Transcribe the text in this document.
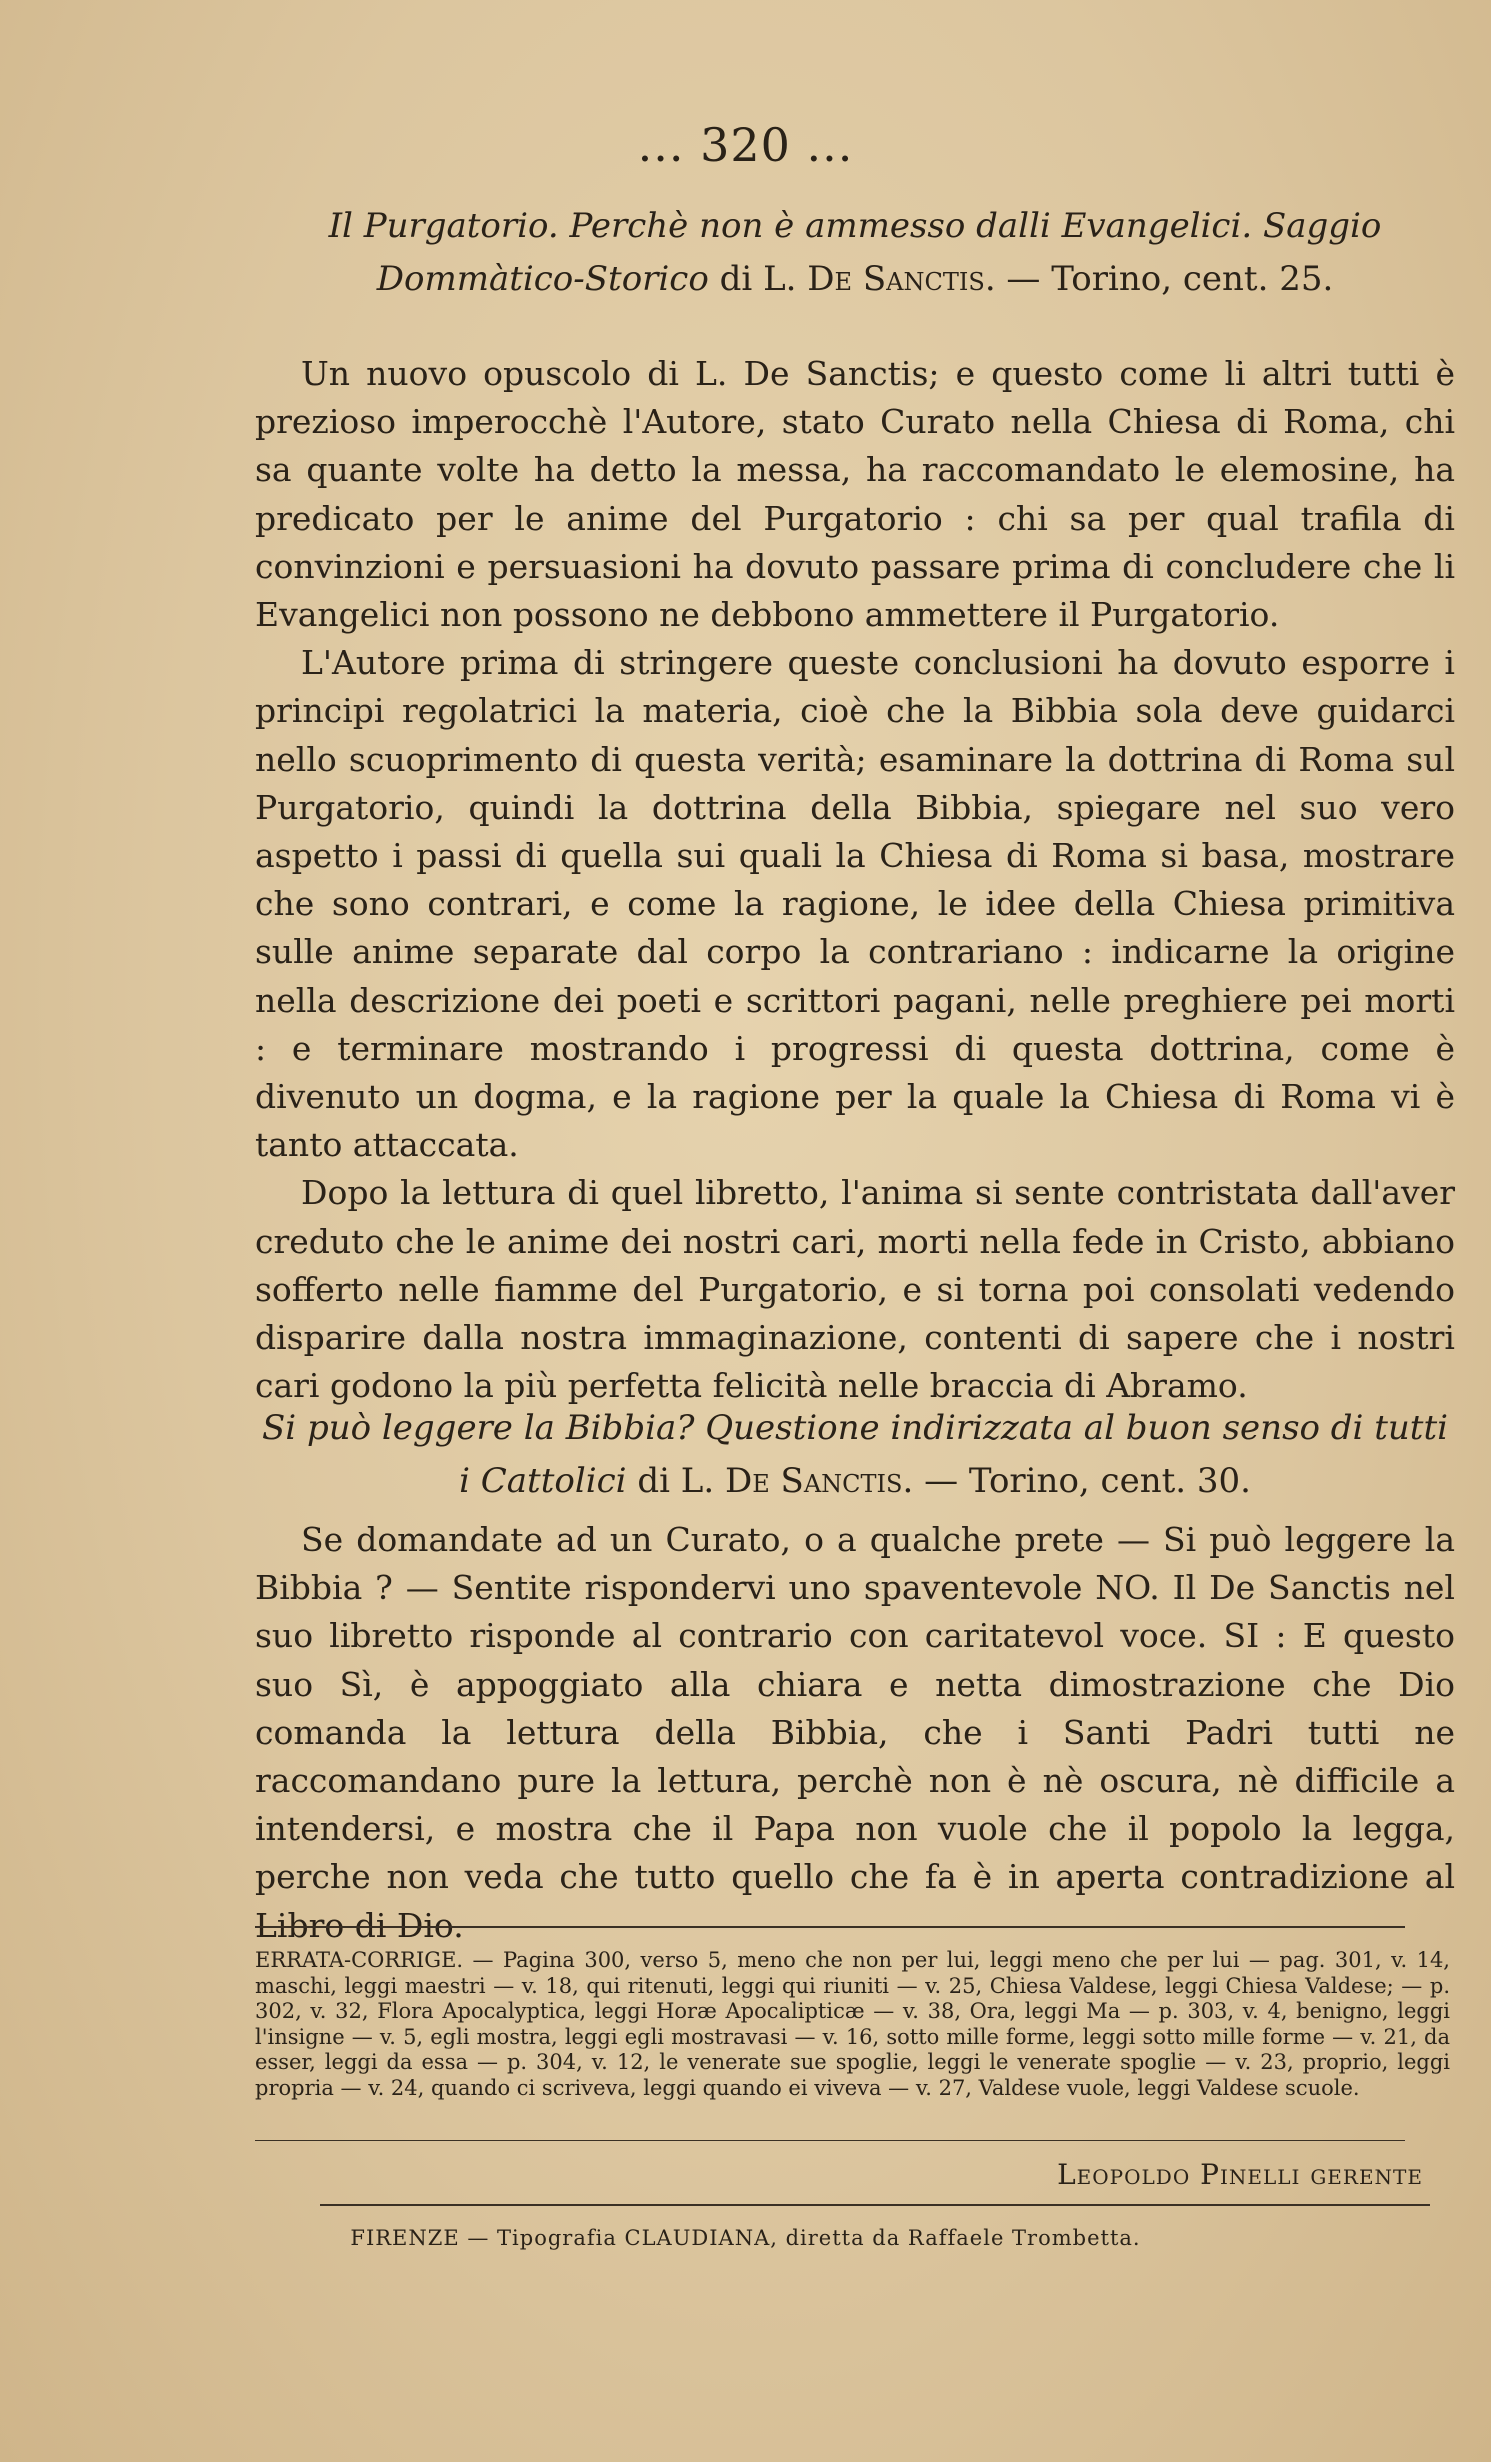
... 320 ...
Il Purgatorio. Perchè non è ammesso dalli Evangelici. Saggio Dommàtico-Storico di L. De Sanctis. — Torino, cent. 25.

Un nuovo opuscolo di L. De Sanctis; e questo come li altri tutti è prezioso imperocchè l'Autore, stato Curato nella Chiesa di Roma, chi sa quante volte ha detto la messa, ha raccomandato le elemosine, ha predicato per le anime del Purgatorio : chi sa per qual trafila di convinzioni e persuasioni ha dovuto passare prima di concludere che li Evangelici non possono ne debbono ammettere il Purgatorio.

L'Autore prima di stringere queste conclusioni ha dovuto esporre i principi regolatrici la materia, cioè che la Bibbia sola deve guidarci nello scuoprimento di questa verità; esaminare la dottrina di Roma sul Purgatorio, quindi la dottrina della Bibbia, spiegare nel suo vero aspetto i passi di quella sui quali la Chiesa di Roma si basa, mostrare che sono contrari, e come la ragione, le idee della Chiesa primitiva sulle anime separate dal corpo la contrariano : indicarne la origine nella descrizione dei poeti e scrittori pagani, nelle preghiere pei morti : e terminare mostrando i progressi di questa dottrina, come è divenuto un dogma, e la ragione per la quale la Chiesa di Roma vi è tanto attaccata.

Dopo la lettura di quel libretto, l'anima si sente contristata dall'aver creduto che le anime dei nostri cari, morti nella fede in Cristo, abbiano sofferto nelle fiamme del Purgatorio, e si torna poi consolati vedendo disparire dalla nostra immaginazione, contenti di sapere che i nostri cari godono la più perfetta felicità nelle braccia di Abramo.

Si può leggere la Bibbia? Questione indirizzata al buon senso di tutti i Cattolici di L. De Sanctis. — Torino, cent. 30.

Se domandate ad un Curato, o a qualche prete — Si può leggere la Bibbia ? — Sentite rispondervi uno spaventevole NO. Il De Sanctis nel suo libretto risponde al contrario con caritatevol voce. SI : E questo suo Sì, è appoggiato alla chiara e netta dimostrazione che Dio comanda la lettura della Bibbia, che i Santi Padri tutti ne raccomandano pure la lettura, perchè non è nè oscura, nè difficile a intendersi, e mostra che il Papa non vuole che il popolo la legga, perche non veda che tutto quello che fa è in aperta contradizione al Libro di Dio.

ERRATA-CORRIGE. — Pagina 300, verso 5, meno che non per lui, leggi meno che per lui — pag. 301, v. 14, maschi, leggi maestri — v. 18, qui ritenuti, leggi qui riuniti — v. 25, Chiesa Valdese, leggi Chiesa Valdese; — p. 302, v. 32, Flora Apocalyptica, leggi Horæ Apocalipticæ — v. 38, Ora, leggi Ma — p. 303, v. 4, benigno, leggi l'insigne — v. 5, egli mostra, leggi egli mostravasi — v. 16, sotto mille forme, leggi sotto mille forme — v. 21, da esser, leggi da essa — p. 304, v. 12, le venerate sue spoglie, leggi le venerate spoglie — v. 23, proprio, leggi propria — v. 24, quando ci scriveva, leggi quando ei viveva — v. 27, Valdese vuole, leggi Valdese scuole.
Leopoldo Pinelli gerente
FIRENZE — Tipografia CLAUDIANA, diretta da Raffaele Trombetta.
